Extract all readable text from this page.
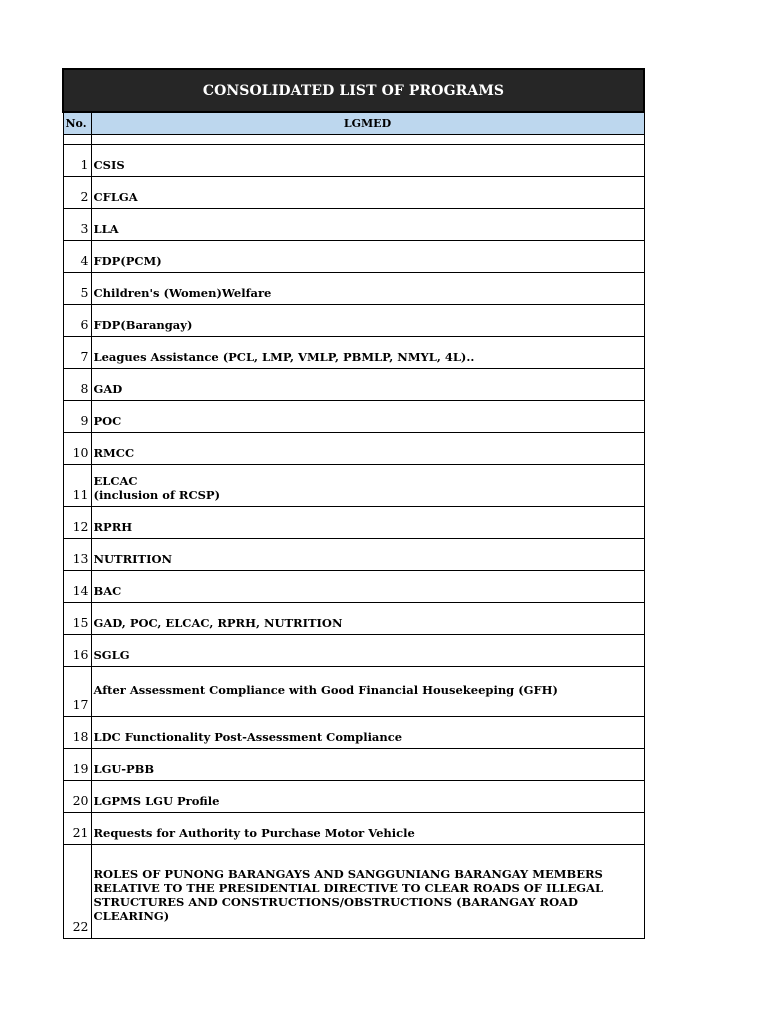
CONSOLIDATED LIST OF PROGRAMS	
No.	LGMED

1	CSIS
2	CFLGA
3	LLA
4	FDP(PCM)
5	Children's (Women)Welfare
6	FDP(Barangay)
7	Leagues Assistance (PCL, LMP, VMLP, PBMLP, NMYL, 4L)..
8	GAD
9	POC
10	RMCC
11	ELCAC
(inclusion of RCSP)
12	RPRH
13	NUTRITION
14	BAC
15	GAD, POC, ELCAC, RPRH, NUTRITION
16	SGLG
17	After Assessment Compliance with Good Financial Housekeeping (GFH)
18	LDC Functionality Post-Assessment Compliance
19	LGU-PBB
20	LGPMS LGU Profile
21	Requests for Authority to Purchase Motor Vehicle
22	ROLES OF PUNONG BARANGAYS AND SANGGUNIANG BARANGAY MEMBERS RELATIVE TO THE PRESIDENTIAL DIRECTIVE TO CLEAR ROADS OF ILLEGAL STRUCTURES AND CONSTRUCTIONS/OBSTRUCTIONS (BARANGAY ROAD CLEARING)
